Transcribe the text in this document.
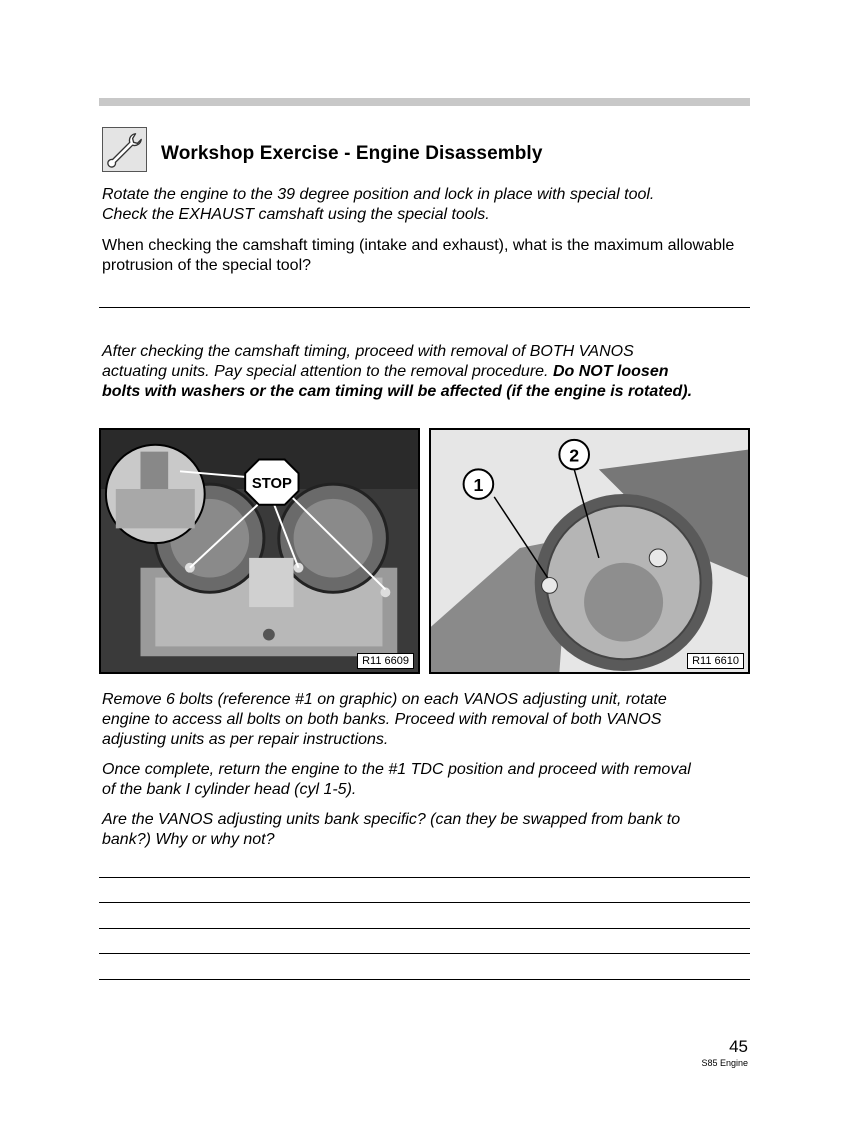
Workshop Exercise - Engine Disassembly

Rotate the engine to the 39 degree position and lock in place with special tool.

Check the EXHAUST camshaft using the special tools.

When checking the camshaft timing (intake and exhaust), what is the maximum allowable

protrusion of the special tool?

After checking the camshaft timing, proceed with removal of BOTH VANOS

actuating units. Pay special attention to the removal procedure. Do NOT loosen

bolts with washers or the cam timing will be affected (if the engine is rotated).

STOP
R11 6609
1
2
R11 6610

Remove 6 bolts (reference #1 on graphic) on each VANOS adjusting unit, rotate

engine to access all bolts on both banks. Proceed with removal of both VANOS

adjusting units as per repair instructions.

Once complete, return the engine to the #1 TDC position and proceed with removal

of the bank I cylinder head (cyl 1-5).

Are the VANOS adjusting units bank specific? (can they be swapped from bank to

bank?) Why or why not?

45
S85 Engine
